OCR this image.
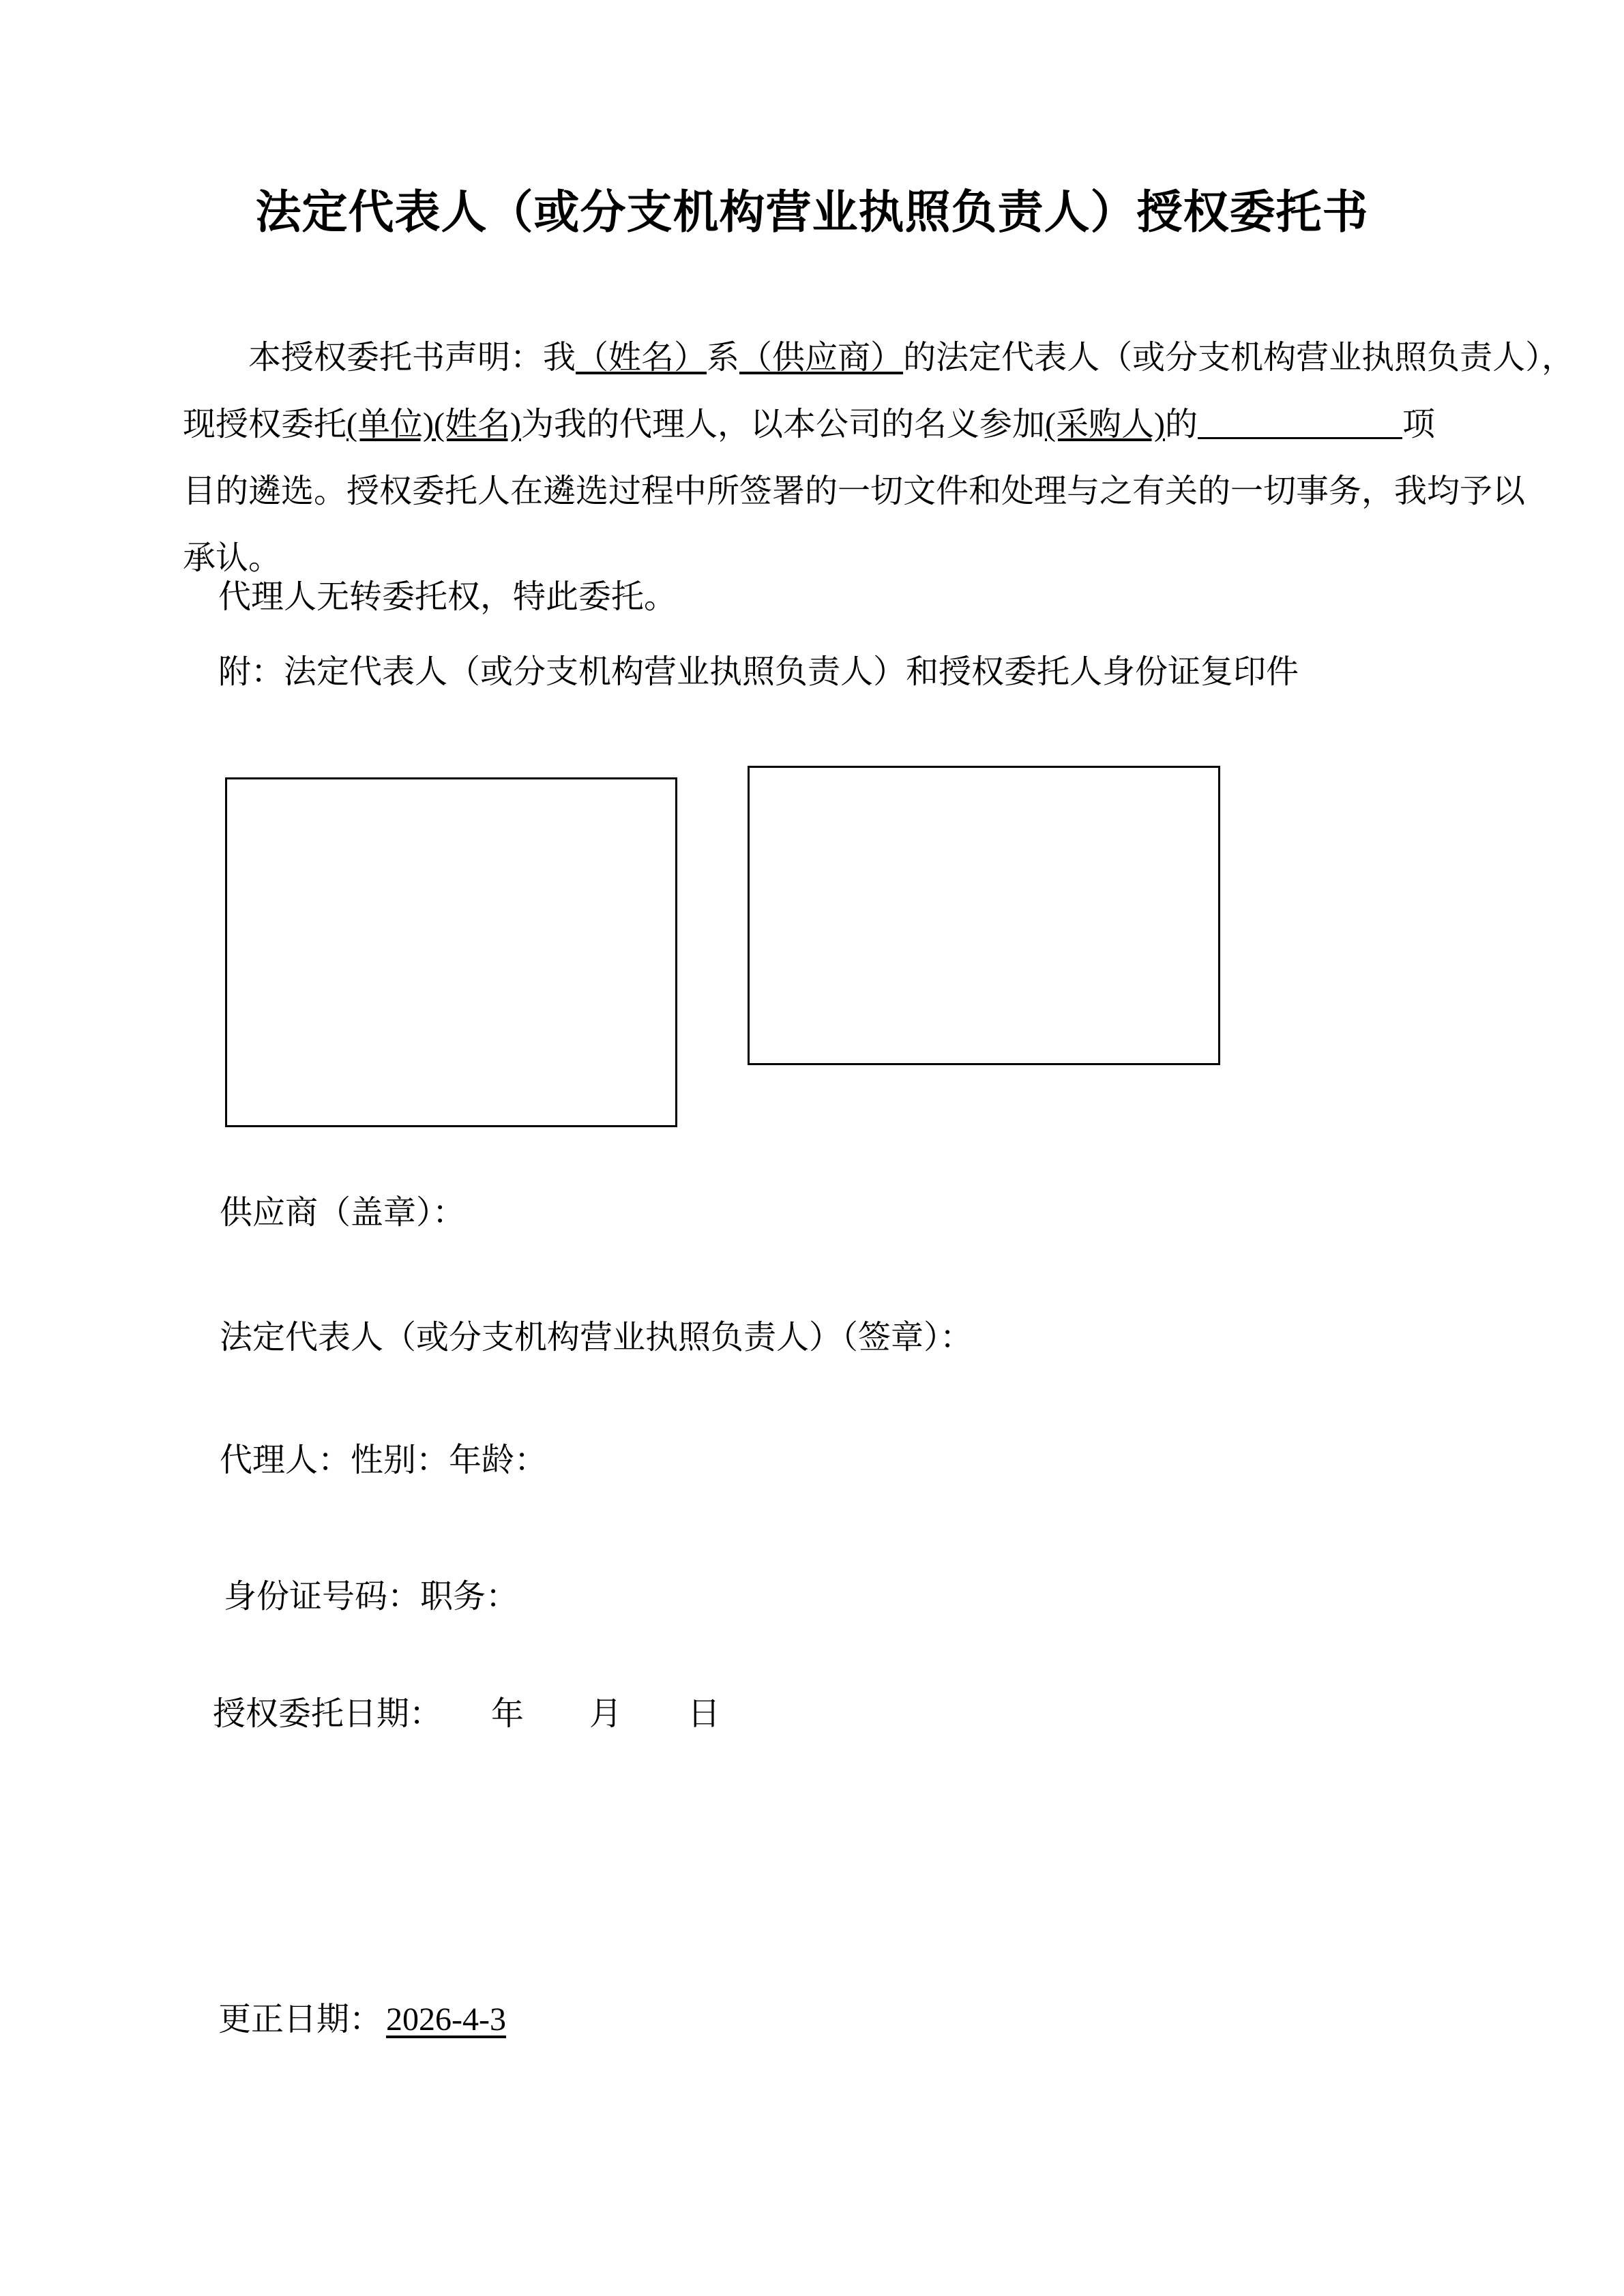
法定代表人（或分支机构营业执照负责人）授权委托书
本授权委托书声明：我（姓名）系（供应商）的法定代表人（或分支机构营业执照负责人），
现授权委托(单位)(姓名)为我的代理人，以本公司的名义参加(采购人)的	项
目的遴选。授权委托人在遴选过程中所签署的一切文件和处理与之有关的一切事务，我均予以
承认。
代理人无转委托权，特此委托。
附：法定代表人（或分支机构营业执照负责人）和授权委托人身份证复印件
供应商（盖章）：
法定代表人（或分支机构营业执照负责人）（签章）：
代理人：性别：年龄：
身份证号码：职务：
授权委托日期：　　年　　月　　日
更正日期： 2026-4-3
